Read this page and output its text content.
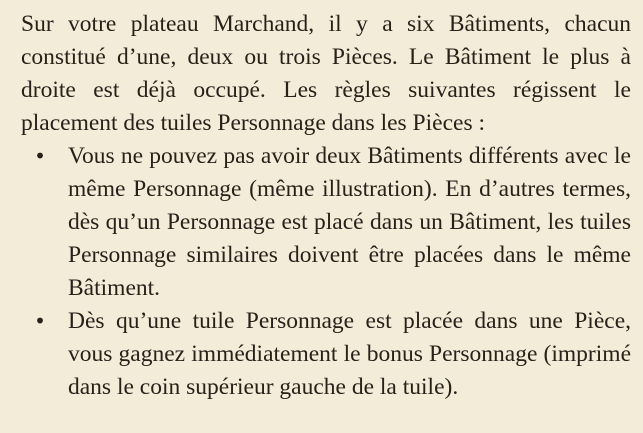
Sur votre plateau Marchand, il y a six Bâtiments, chacun constitué d’une, deux ou trois Pièces. Le Bâtiment le plus à droite est déjà occupé. Les règles suivantes régissent le placement des tuiles Personnage dans les Pièces :

• Vous ne pouvez pas avoir deux Bâtiments différents avec le même Personnage (même illustration). En d’autres termes, dès qu’un Personnage est placé dans un Bâtiment, les tuiles Personnage similaires doivent être placées dans le même Bâtiment.
• Dès qu’une tuile Personnage est placée dans une Pièce, vous gagnez immédiatement le bonus Personnage (imprimé dans le coin supérieur gauche de la tuile).
